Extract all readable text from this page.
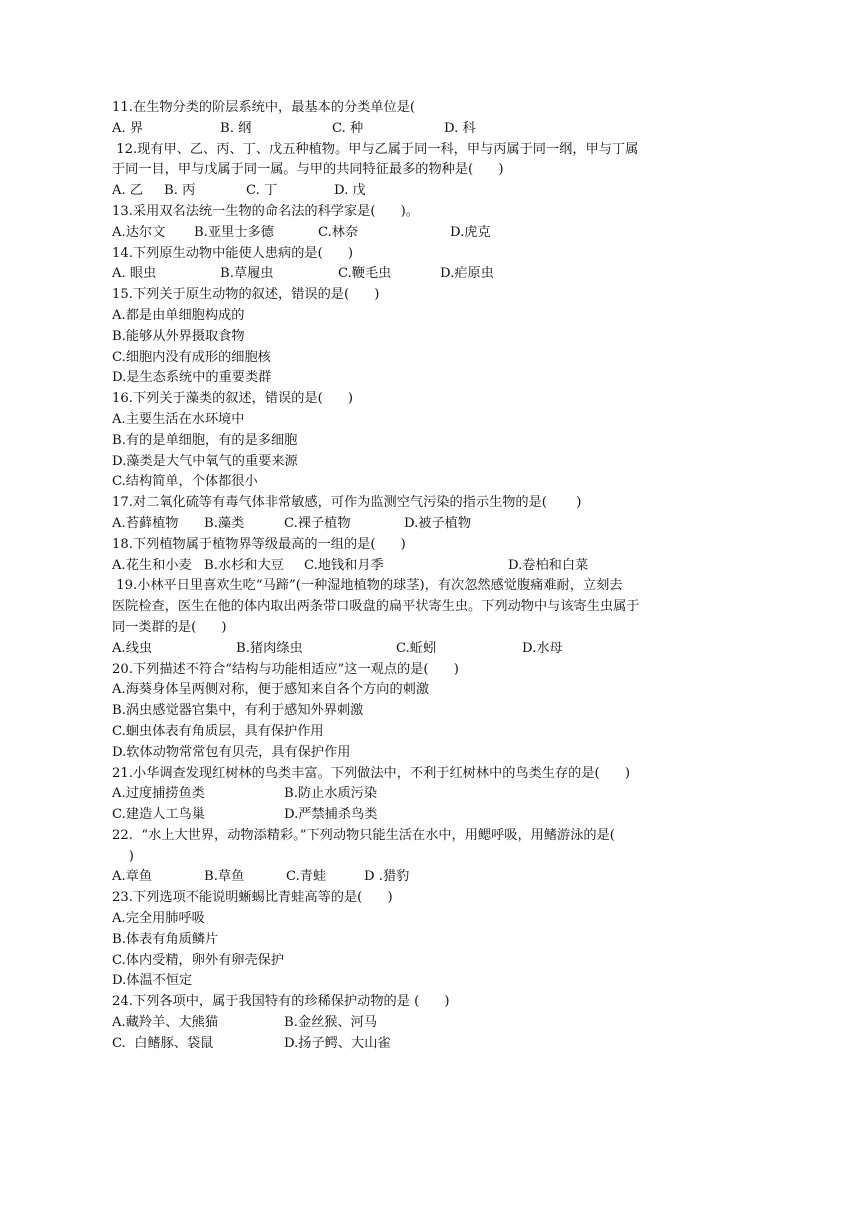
11.在生物分类的阶层系统中，最基本的分类单位是(
A. 界	B. 纲	C. 种	D. 科
12.现有甲、乙、丙、丁、戊五种植物。甲与乙属于同一科，甲与丙属于同一纲，甲与丁属
于同一目，甲与戊属于同一属。与甲的共同特征最多的物种是(      )
A. 乙 B. 丙	C. 丁	D. 戊
13.采用双名法统一生物的命名法的科学家是(      )。
A.达尔文 B.亚里士多德	C.林奈	D.虎克
14.下列原生动物中能使人患病的是(      )
A. 眼虫	B.草履虫	C.鞭毛虫	D.疟原虫
15.下列关于原生动物的叙述，错误的是(      )
A.都是由单细胞构成的
B.能够从外界摄取食物
C.细胞内没有成形的细胞核
D.是生态系统中的重要类群
16.下列关于藻类的叙述，错误的是(      )
A.主要生活在水环境中
B.有的是单细胞，有的是多细胞
D.藻类是大气中氧气的重要来源
C.结构简单，个体都很小
17.对二氧化硫等有毒气体非常敏感，可作为监测空气污染的指示生物的是(       )
A.苔藓植物 B.藻类	C.裸子植物	D.被子植物
18.下列植物属于植物界等级最高的一组的是(      )
A.花生和小麦 B.水杉和大豆 C.地钱和月季	D.卷柏和白菜
19.小林平日里喜欢生吃“马蹄”(一种湿地植物的球茎)，有次忽然感觉腹痛难耐，立刻去
医院检查，医生在他的体内取出两条带口吸盘的扁平状寄生虫。下列动物中与该寄生虫属于
同一类群的是(      )
A.线虫	B.猪肉绦虫	C.蚯蚓	D.水母
20.下列描述不符合“结构与功能相适应”这一观点的是(      )
A.海葵身体呈两侧对称，便于感知来自各个方向的刺激
B.涡虫感觉器官集中，有利于感知外界刺激
C.蛔虫体表有角质层，具有保护作用
D.软体动物常常包有贝壳，具有保护作用
21.小华调查发现红树林的鸟类丰富。下列做法中，不利于红树林中的鸟类生存的是(      )
A.过度捕捞鱼类	B.防止水质污染
C.建造人工鸟巢	D.严禁捕杀鸟类
22.  “水上大世界，动物添精彩。”下列动物只能生活在水中，用鳃呼吸，用鳍游泳的是(
)
A.章鱼	B.草鱼	C.青蛙	D .猎豹
23.下列选项不能说明蜥蜴比青蛙高等的是(      )
A.完全用肺呼吸
B.体表有角质鳞片
C.体内受精，卵外有卵壳保护
D.体温不恒定
24.下列各项中，属于我国特有的珍稀保护动物的是 (      )
A.藏羚羊、大熊猫	B.金丝猴、河马
C.  白鳍豚、袋鼠	D.扬子鳄、大山雀
